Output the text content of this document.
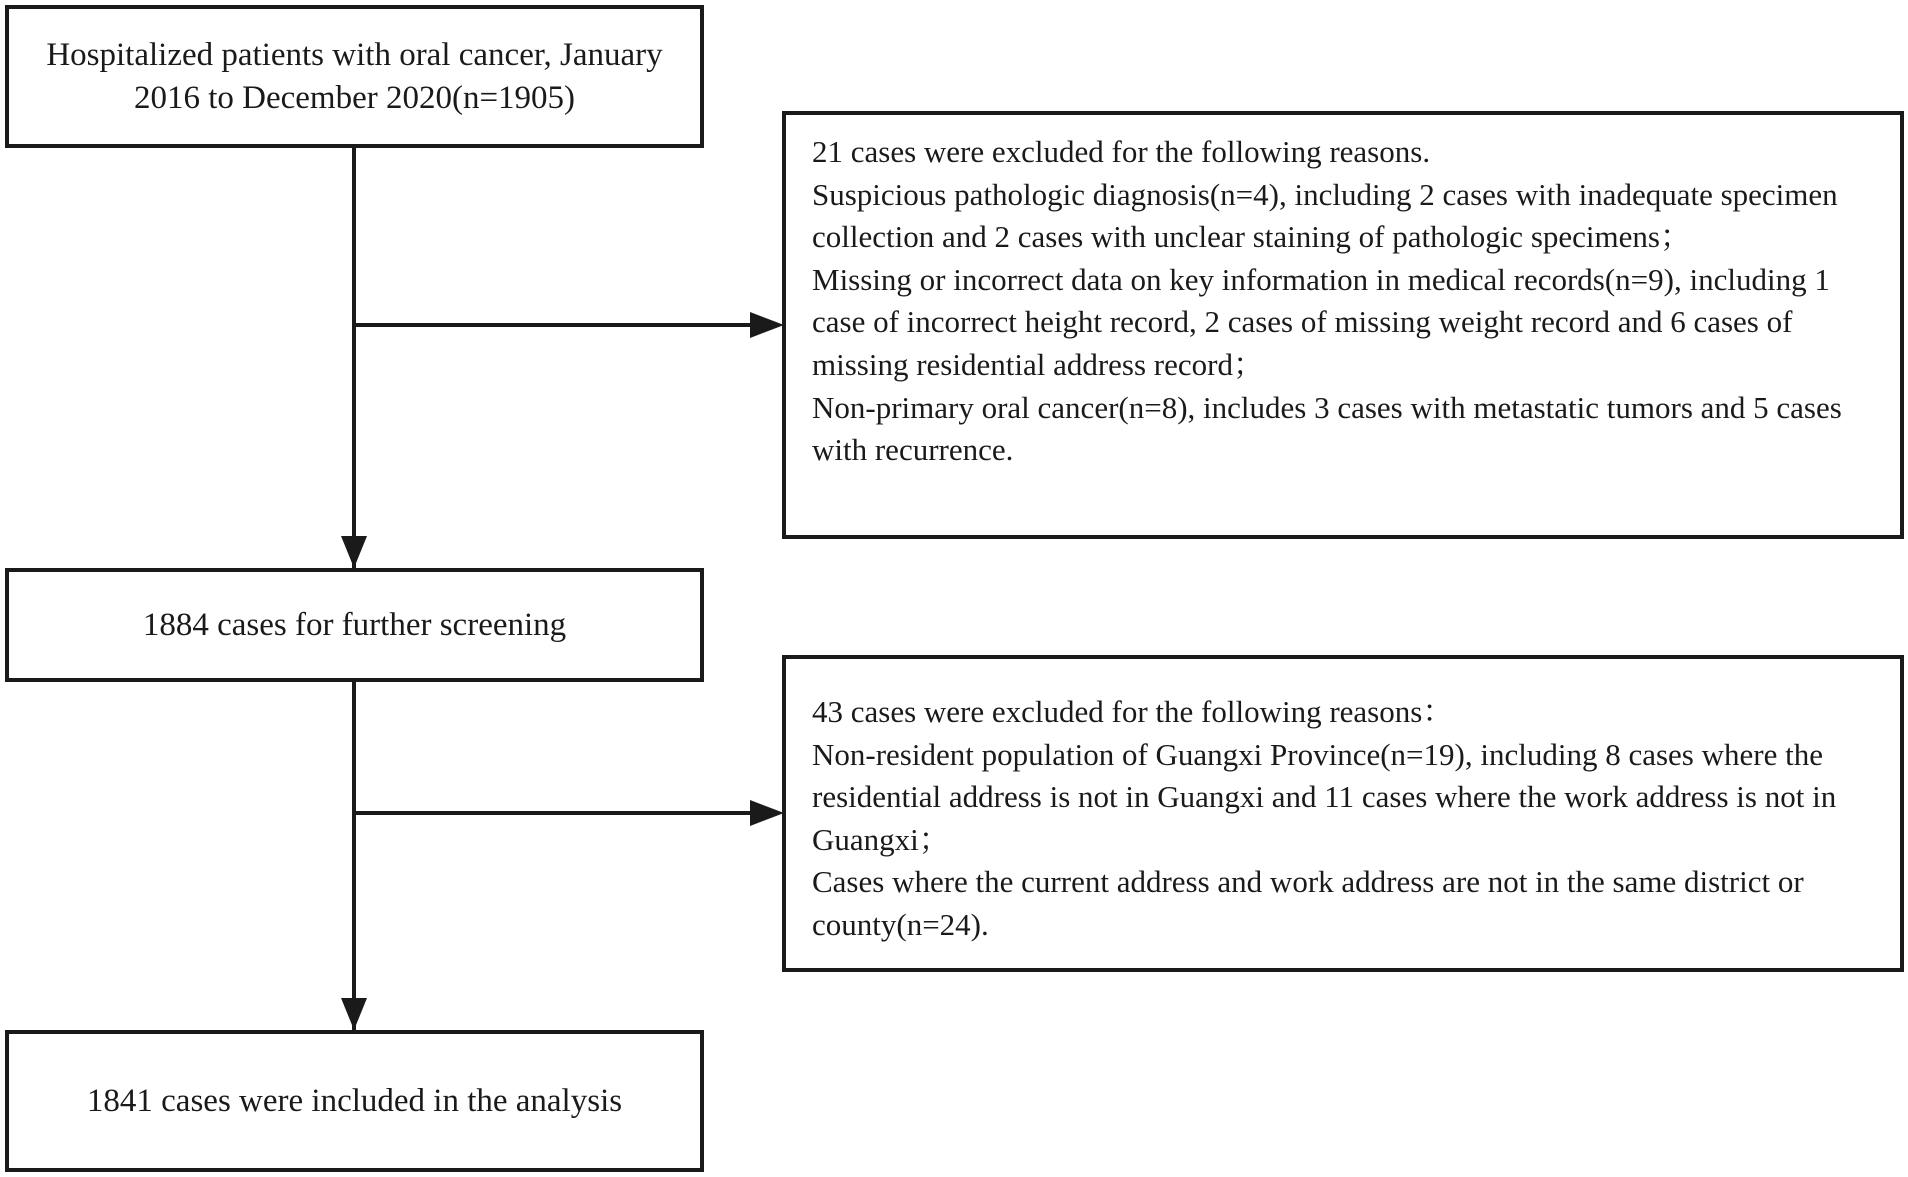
Hospitalized patients with oral cancer, January 2016 to December 2020(n=1905)

21 cases were excluded for the following reasons.

Suspicious pathologic diagnosis(n=4), including 2 cases with inadequate specimen collection and 2 cases with unclear staining of pathologic specimens；

Missing or incorrect data on key information in medical records(n=9), including 1 case of incorrect height record, 2 cases of missing weight record and 6 cases of missing residential address record；

Non-primary oral cancer(n=8), includes 3 cases with metastatic tumors and 5 cases with recurrence.

1884 cases for further screening

43 cases were excluded for the following reasons：

Non-resident population of Guangxi Province(n=19), including 8 cases where the residential address is not in Guangxi and 11 cases where the work address is not in Guangxi；

Cases where the current address and work address are not in the same district or county(n=24).

1841 cases were included in the analysis
